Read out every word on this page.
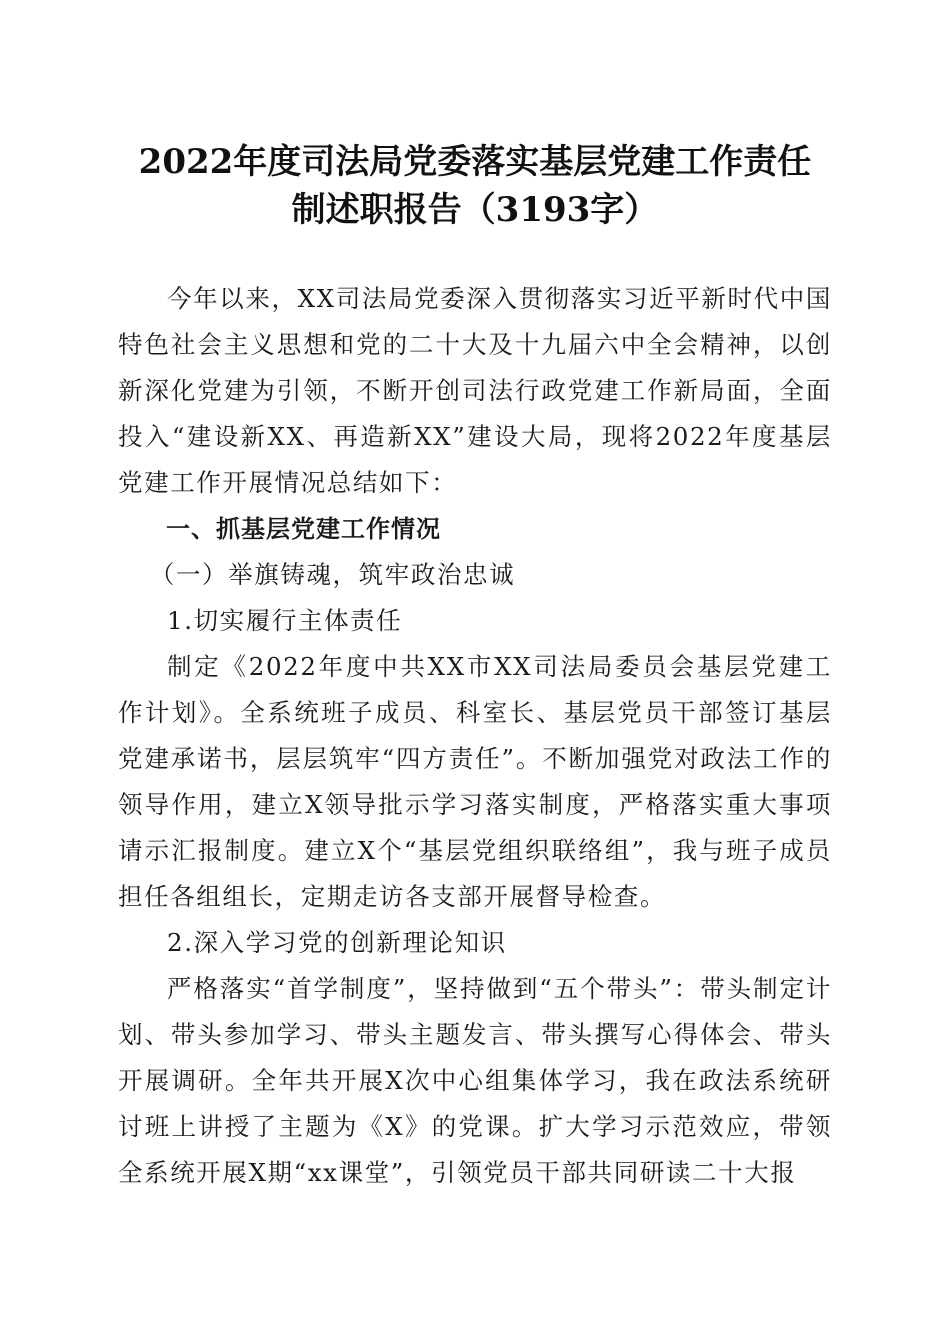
2022年度司法局党委落实基层党建工作责任
制述职报告（3193字）

今年以来，XX司法局党委深入贯彻落实习近平新时代中国特色社会主义思想和党的二十大及十九届六中全会精神，以创新深化党建为引领，不断开创司法行政党建工作新局面，全面投入“建设新XX、再造新XX”建设大局，现将2022年度基层党建工作开展情况总结如下：

一、抓基层党建工作情况

（一）举旗铸魂，筑牢政治忠诚

1.切实履行主体责任

制定《2022年度中共XX市XX司法局委员会基层党建工作计划》。全系统班子成员、科室长、基层党员干部签订基层党建承诺书，层层筑牢“四方责任”。不断加强党对政法工作的领导作用，建立X领导批示学习落实制度，严格落实重大事项请示汇报制度。建立X个“基层党组织联络组”，我与班子成员担任各组组长，定期走访各支部开展督导检查。

2.深入学习党的创新理论知识

严格落实“首学制度”，坚持做到“五个带头”：带头制定计划、带头参加学习、带头主题发言、带头撰写心得体会、带头开展调研。全年共开展X次中心组集体学习，我在政法系统研讨班上讲授了主题为《X》的党课。扩大学习示范效应，带领全系统开展X期“xx课堂”，引领党员干部共同研读二十大报
